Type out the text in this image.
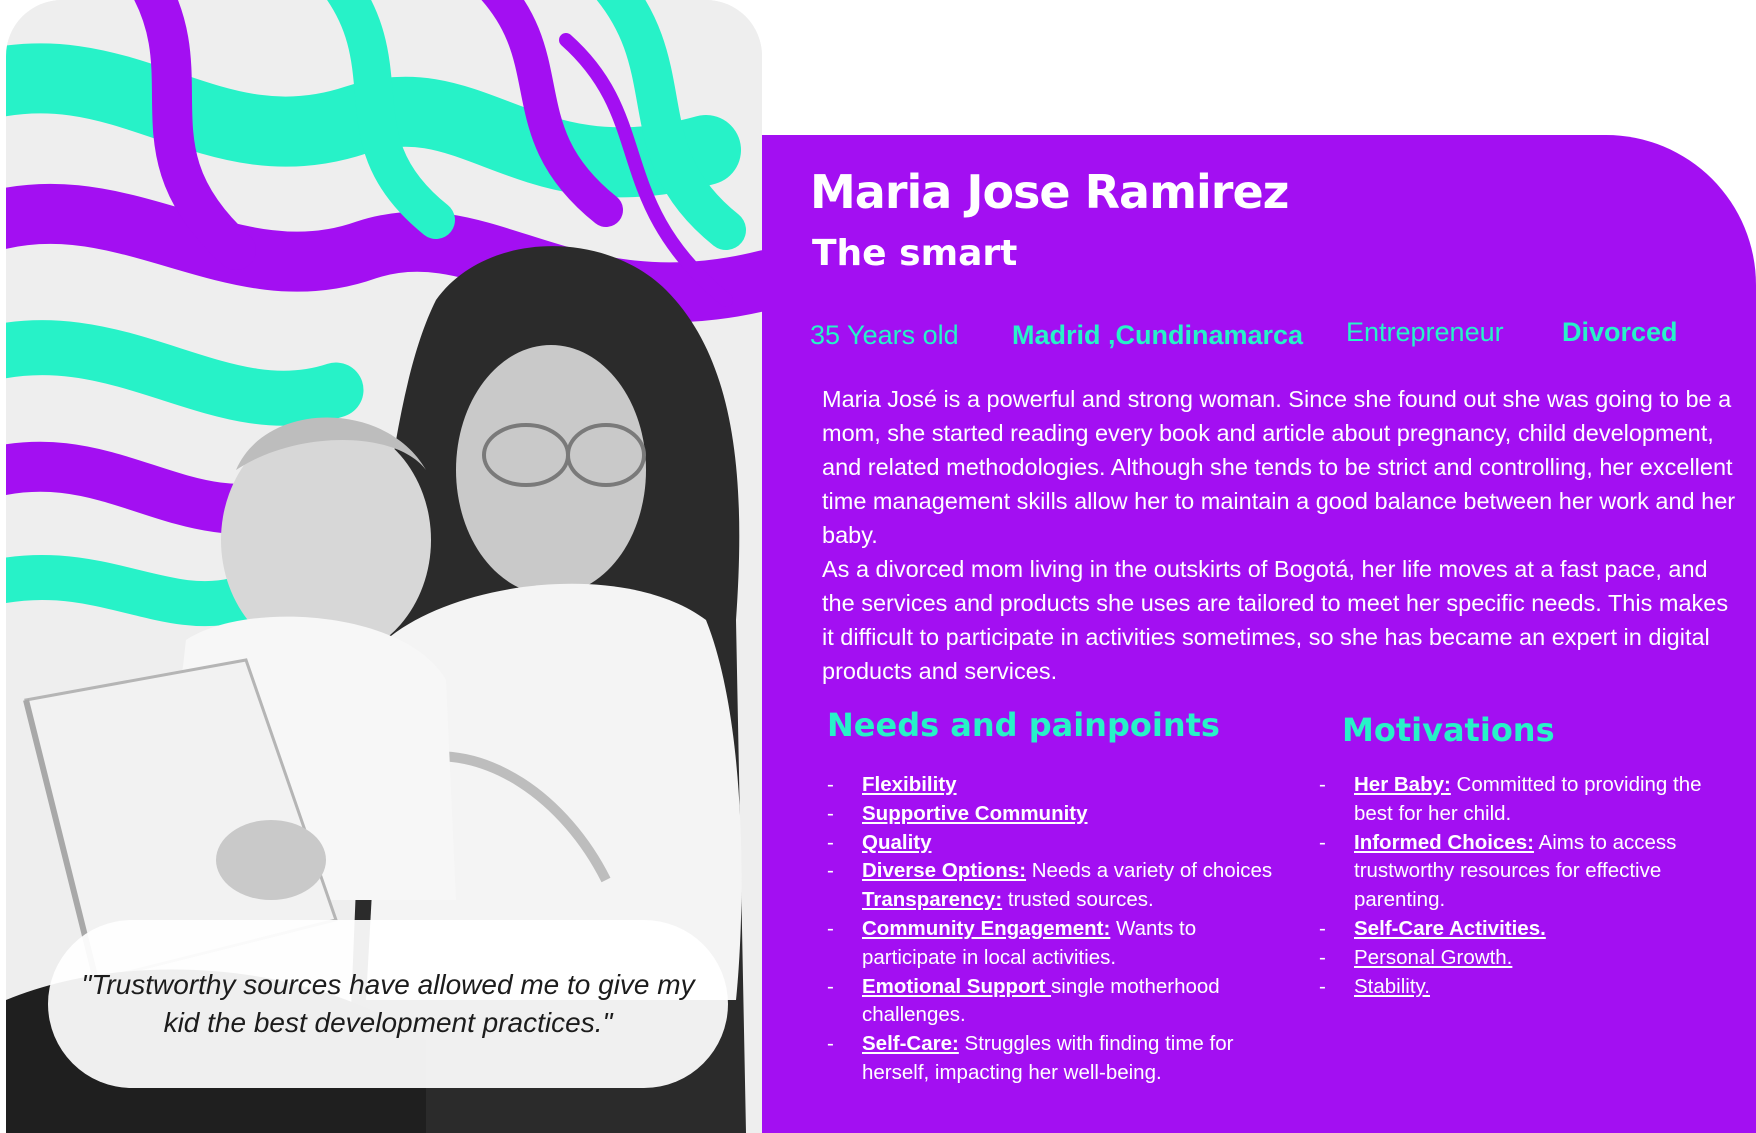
"Trustworthy sources have allowed me to give my kid the best development practices."
Maria Jose Ramirez
The smart
35 Years old Madrid ,Cundinamarca Entrepreneur Divorced

Maria José is a powerful and strong woman. Since she found out she was going to be a mom, she started reading every book and article about pregnancy, child development, and related methodologies. Although she tends to be strict and controlling, her excellent time management skills allow her to maintain a good balance between her work and her baby.

As a divorced mom living in the outskirts of Bogotá, her life moves at a fast pace, and the services and products she uses are tailored to meet her specific needs. This makes it difficult to participate in activities sometimes, so she has became an expert in digital products and services.

Needs and painpoints	Motivations
- Flexibility
- Supportive Community
- Quality
- Diverse Options: Needs a variety of choices
Transparency: trusted sources.
- Community Engagement: Wants to participate in local activities.
- Emotional Support single motherhood challenges.
- Self-Care: Struggles with finding time for herself, impacting her well-being.
- Her Baby: Committed to providing the best for her child.
- Informed Choices: Aims to access trustworthy resources for effective parenting.
- Self-Care Activities.
- Personal Growth.
- Stability.
